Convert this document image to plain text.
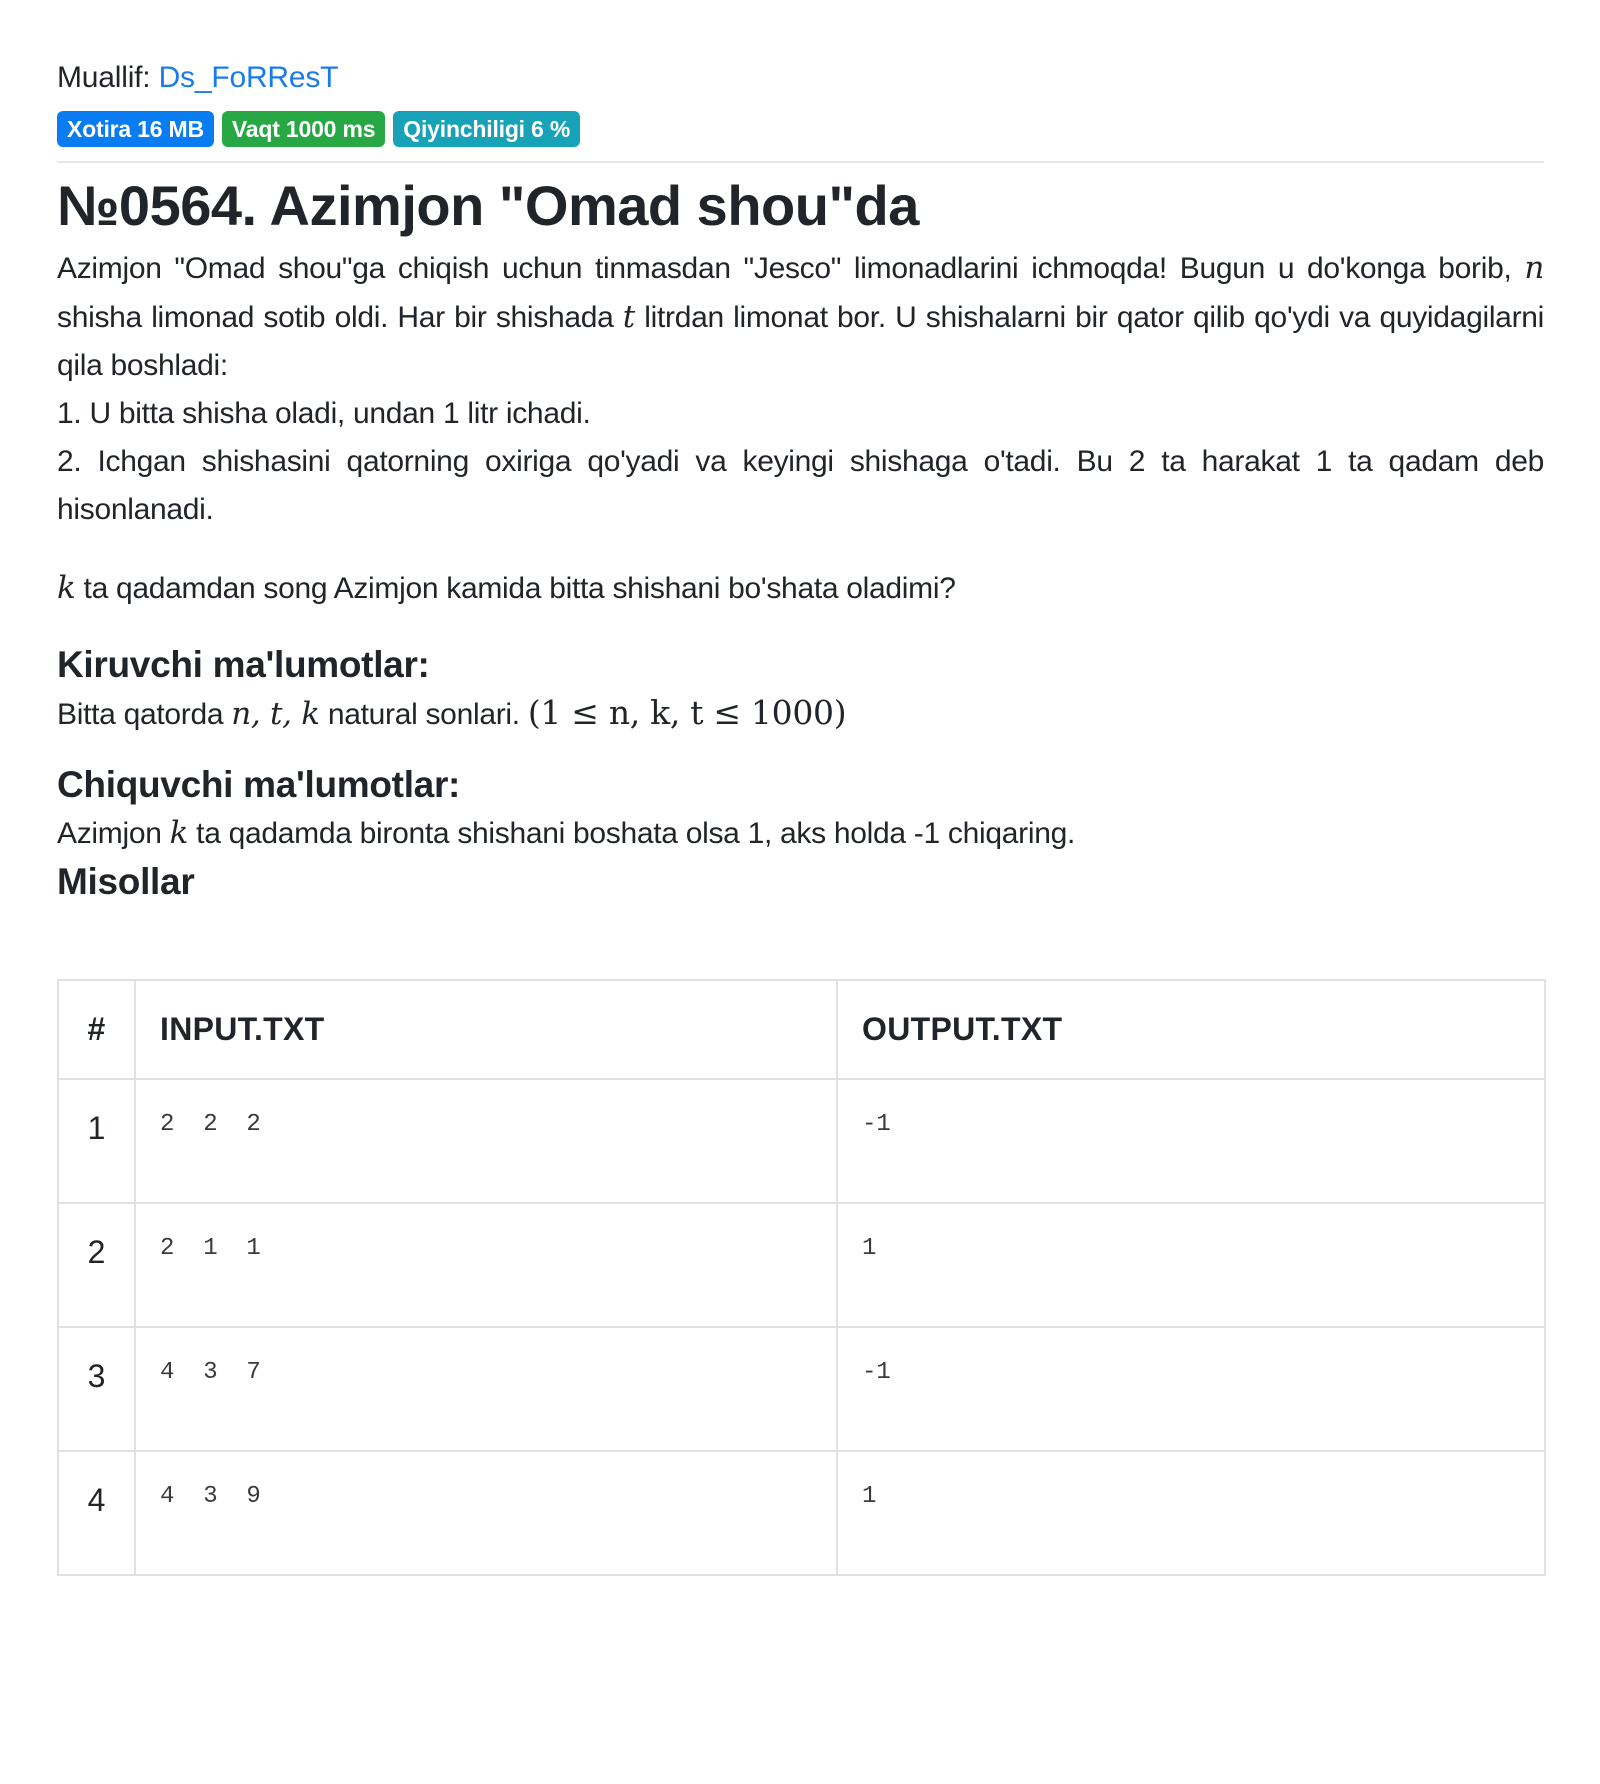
Muallif: Ds_FoRResT
Xotira 16 MB	Vaqt 1000 ms	Qiyinchiligi 6 %
№0564. Azimjon "Omad shou"da
Azimjon "Omad shou"ga chiqish uchun tinmasdan "Jesco" limonadlarini ichmoqda! Bugun u do'konga borib, n shisha limonad sotib oldi. Har bir shishada t litrdan limonat bor. U shishalarni bir qator qilib qo'ydi va quyidagilarni qila boshladi:
1. U bitta shisha oladi, undan 1 litr ichadi.
2. Ichgan shishasini qatorning oxiriga qo'yadi va keyingi shishaga o'tadi. Bu 2 ta harakat 1 ta qadam deb hisonlanadi.
k ta qadamdan song Azimjon kamida bitta shishani bo'shata oladimi?
Kiruvchi ma'lumotlar:
Bitta qatorda n, t, k natural sonlari. (1 ≤ n, k, t ≤ 1000)
Chiquvchi ma'lumotlar:
Azimjon k ta qadamda bironta shishani boshata olsa 1, aks holda -1 chiqaring.
Misollar
#	INPUT.TXT	OUTPUT.TXT
1	2  2  2	-1
2	2  1  1	1
3	4  3  7	-1
4	4  3  9	1
